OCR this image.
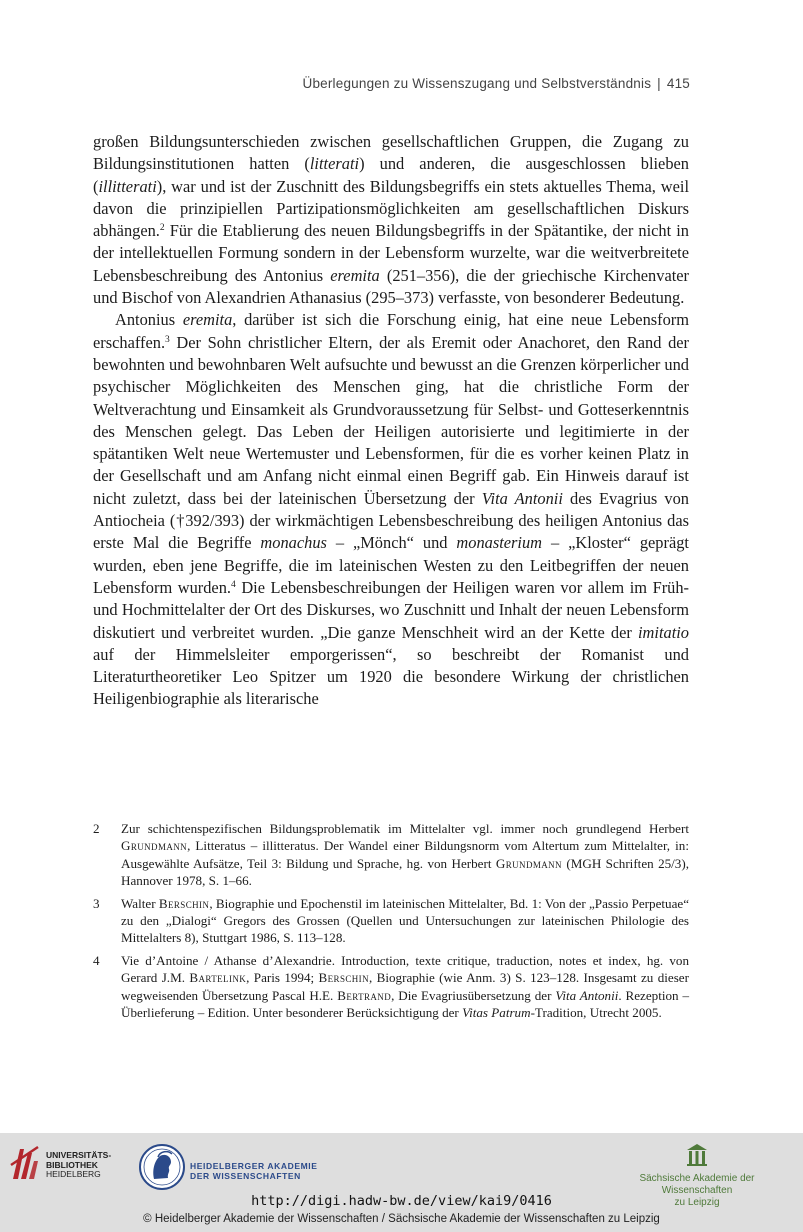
Überlegungen zu Wissenszugang und Selbstverständnis | 415

großen Bildungsunterschieden zwischen gesellschaftlichen Gruppen, die Zugang zu Bildungsinstitutionen hatten (litterati) und anderen, die ausgeschlossen blieben (illitterati), war und ist der Zuschnitt des Bildungsbegriffs ein stets aktuelles Thema, weil davon die prinzipiellen Partizipationsmöglichkeiten am gesellschaftlichen Diskurs abhängen.$^2$ Für die Etablierung des neuen Bildungsbegriffs in der Spätantike, der nicht in der intellektuellen Formung sondern in der Lebensform wurzelte, war die weitverbreitete Lebensbeschreibung des Antonius eremita (251–356), die der griechische Kirchenvater und Bischof von Alexandrien Athanasius (295–373) verfasste, von besonderer Bedeutung.

Antonius eremita, darüber ist sich die Forschung einig, hat eine neue Lebensform erschaffen.$^3$ Der Sohn christlicher Eltern, der als Eremit oder Anachoret, den Rand der bewohnten und bewohnbaren Welt aufsuchte und bewusst an die Grenzen körperlicher und psychischer Möglichkeiten des Menschen ging, hat die christliche Form der Weltverachtung und Einsamkeit als Grundvoraussetzung für Selbst- und Gotteserkenntnis des Menschen gelegt. Das Leben der Heiligen autorisierte und legitimierte in der spätantiken Welt neue Wertemuster und Lebensformen, für die es vorher keinen Platz in der Gesellschaft und am Anfang nicht einmal einen Begriff gab. Ein Hinweis darauf ist nicht zuletzt, dass bei der lateinischen Übersetzung der Vita Antonii des Evagrius von Antiocheia (†392/393) der wirkmächtigen Lebensbeschreibung des heiligen Antonius das erste Mal die Begriffe monachus – „Mönch“ und monasterium – „Kloster“ geprägt wurden, eben jene Begriffe, die im lateinischen Westen zu den Leitbegriffen der neuen Lebensform wurden.$^4$ Die Lebensbeschreibungen der Heiligen waren vor allem im Früh- und Hochmittelalter der Ort des Diskurses, wo Zuschnitt und Inhalt der neuen Lebensform diskutiert und verbreitet wurden. „Die ganze Menschheit wird an der Kette der imitatio auf der Himmelsleiter emporgerissen“, so beschreibt der Romanist und Literaturtheoretiker Leo Spitzer um 1920 die besondere Wirkung der christlichen Heiligenbiographie als literarische

2 Zur schichtenspezifischen Bildungsproblematik im Mittelalter vgl. immer noch grundlegend Herbert Grundmann, Litteratus – illitteratus. Der Wandel einer Bildungsnorm vom Altertum zum Mittelalter, in: Ausgewählte Aufsätze, Teil 3: Bildung und Sprache, hg. von Herbert Grundmann (MGH Schriften 25/3), Hannover 1978, S. 1–66.
3 Walter Berschin, Biographie und Epochenstil im lateinischen Mittelalter, Bd. 1: Von der „Passio Perpetuae“ zu den „Dialogi“ Gregors des Grossen (Quellen und Untersuchungen zur lateinischen Philologie des Mittelalters 8), Stuttgart 1986, S. 113–128.
4 Vie d’Antoine / Athanse d’Alexandrie. Introduction, texte critique, traduction, notes et index, hg. von Gerard J.M. Bartelink, Paris 1994; Berschin, Biographie (wie Anm. 3) S. 123–128. Insgesamt zu dieser wegweisenden Übersetzung Pascal H.E. Bertrand, Die Evagriusübersetzung der Vita Antonii. Rezeption – Überlieferung – Edition. Unter besonderer Berücksichtigung der Vitas Patrum-Tradition, Utrecht 2005.
UNIVERSITÄTS-
BIBLIOTHEK
HEIDELBERG
HEIDELBERGER AKADEMIE
DER WISSENSCHAFTEN	Sächsische Akademie der Wissenschaften
zu Leipzig
http://digi.hadw-bw.de/view/kai9/0416
© Heidelberger Akademie der Wissenschaften / Sächsische Akademie der Wissenschaften zu Leipzig
